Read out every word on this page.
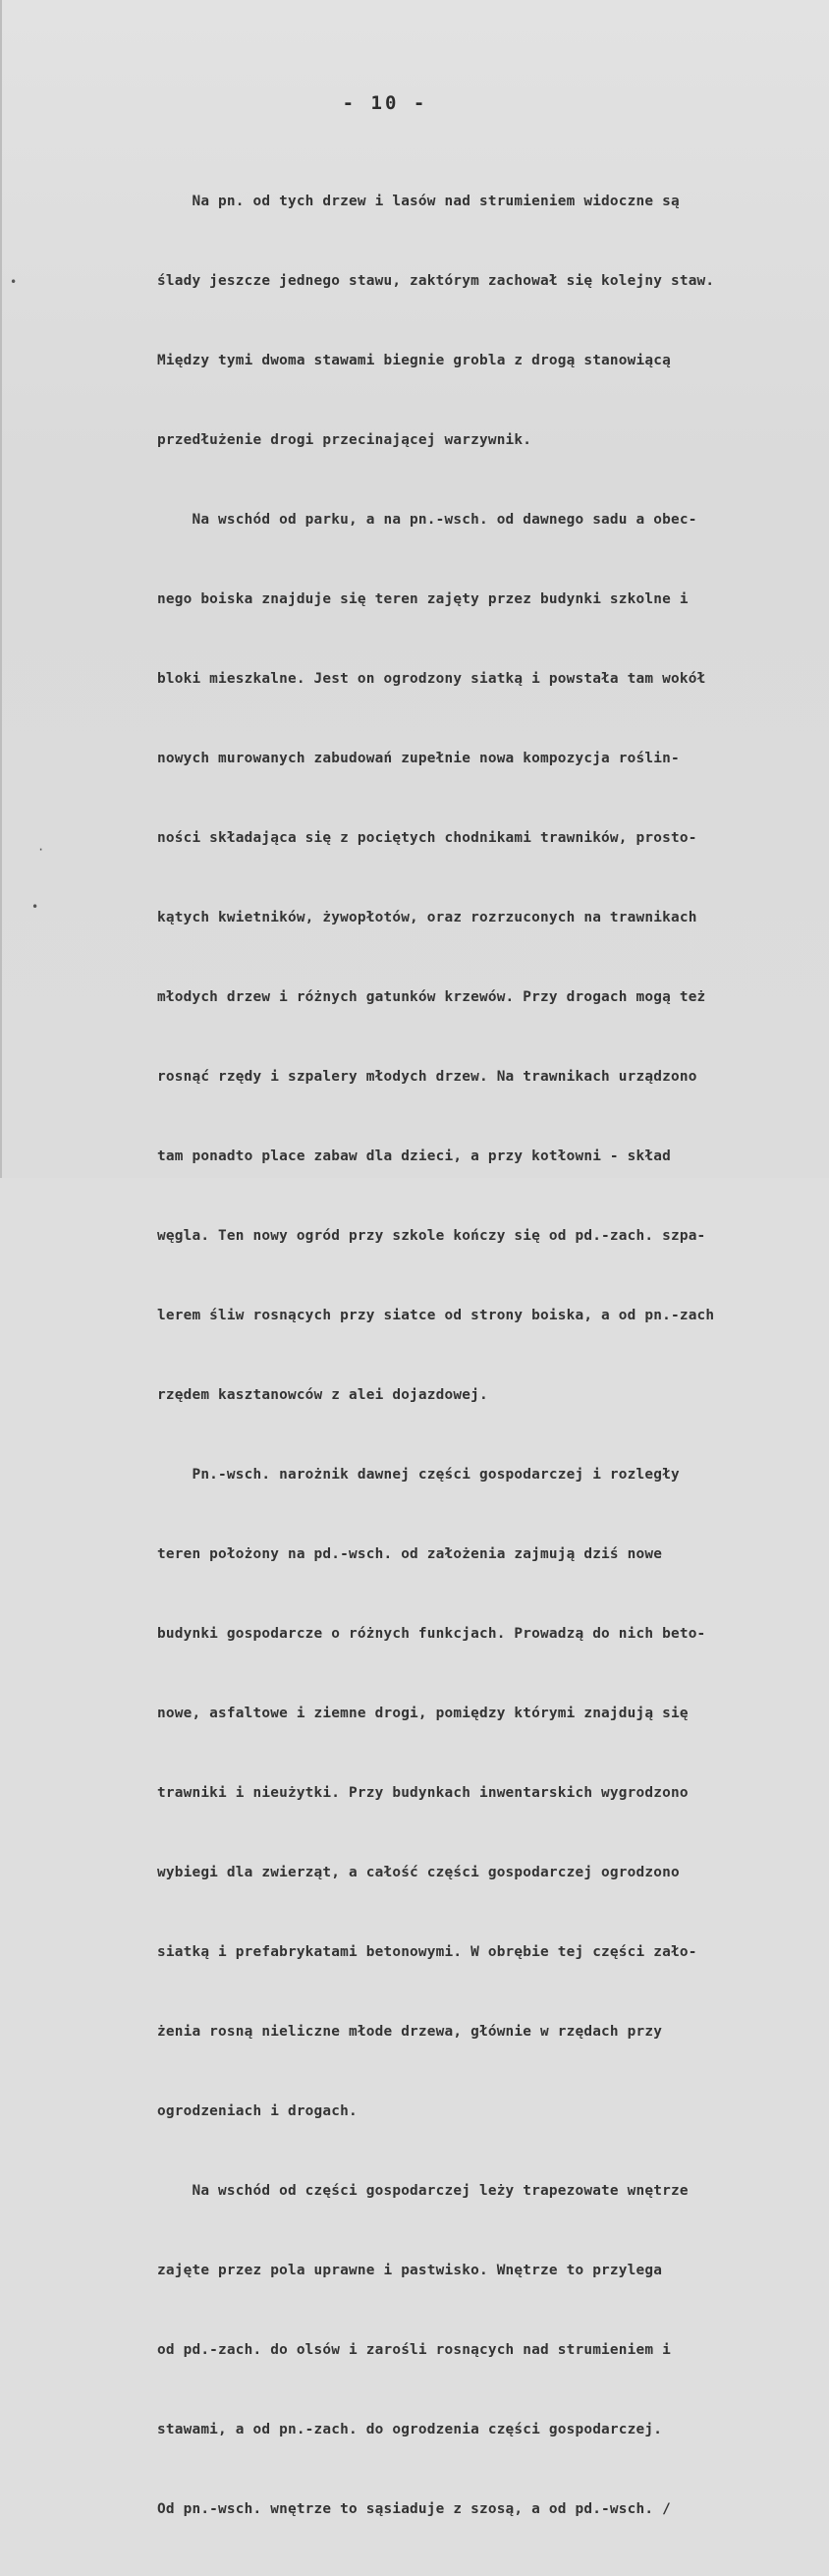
- 10 -
•
•
·

Na pn. od tych drzew i lasów nad strumieniem widoczne są

ślady jeszcze jednego stawu, zaktórym zachował się kolejny staw.

Między tymi dwoma stawami biegnie grobla z drogą stanowiącą

przedłużenie drogi przecinającej warzywnik.

Na wschód od parku, a na pn.-wsch. od dawnego sadu a obec-

nego boiska znajduje się teren zajęty przez budynki szkolne i

bloki mieszkalne. Jest on ogrodzony siatką i powstała tam wokół

nowych murowanych zabudowań zupełnie nowa kompozycja roślin-

ności składająca się z pociętych chodnikami trawników, prosto-

kątych kwietników, żywopłotów, oraz rozrzuconych na trawnikach

młodych drzew i różnych gatunków krzewów. Przy drogach mogą też

rosnąć rzędy i szpalery młodych drzew. Na trawnikach urządzono

tam ponadto place zabaw dla dzieci, a przy kotłowni - skład

węgla. Ten nowy ogród przy szkole kończy się od pd.-zach. szpa-

lerem śliw rosnących przy siatce od strony boiska, a od pn.-zach

rzędem kasztanowców z alei dojazdowej.

Pn.-wsch. narożnik dawnej części gospodarczej i rozległy

teren położony na pd.-wsch. od założenia zajmują dziś nowe

budynki gospodarcze o różnych funkcjach. Prowadzą do nich beto-

nowe, asfaltowe i ziemne drogi, pomiędzy którymi znajdują się

trawniki i nieużytki. Przy budynkach inwentarskich wygrodzono

wybiegi dla zwierząt, a całość części gospodarczej ogrodzono

siatką i prefabrykatami betonowymi. W obrębie tej części zało-

żenia rosną nieliczne młode drzewa, głównie w rzędach przy

ogrodzeniach i drogach.

Na wschód od części gospodarczej leży trapezowate wnętrze

zajęte przez pola uprawne i pastwisko. Wnętrze to przylega

od pd.-zach. do olsów i zarośli rosnących nad strumieniem i

stawami, a od pn.-zach. do ogrodzenia części gospodarczej.

Od pn.-wsch. wnętrze to sąsiaduje z szosą, a od pd.-wsch. /
